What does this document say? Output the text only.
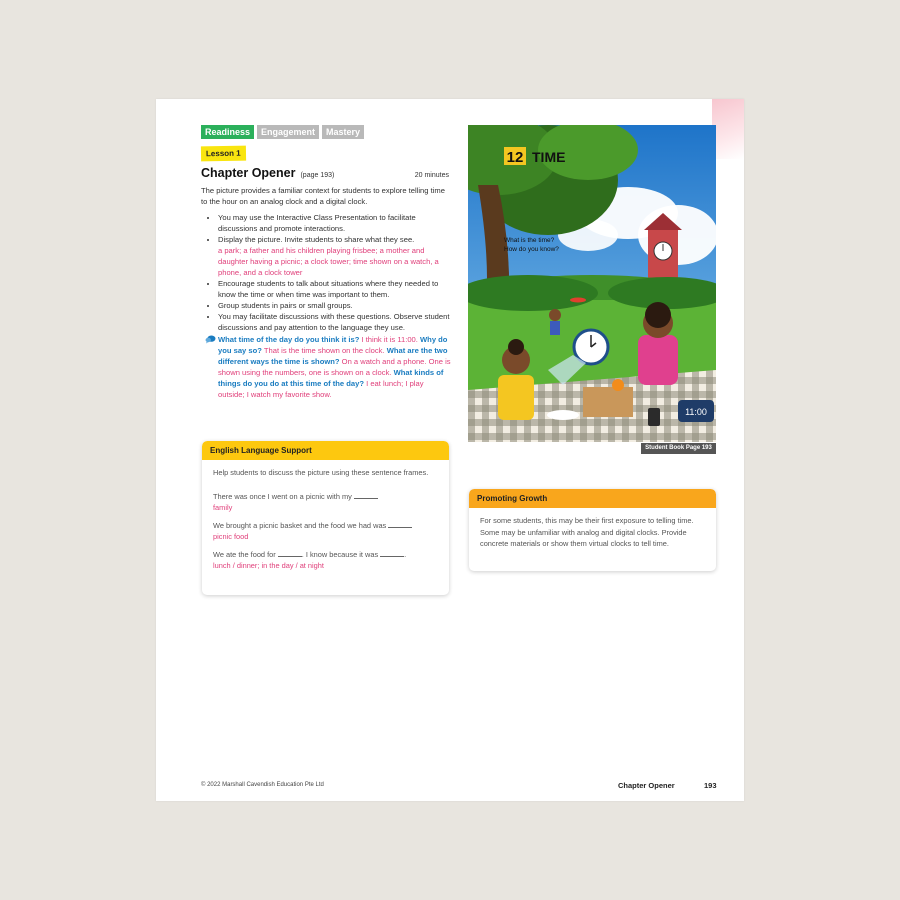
Readiness	Engagement	Mastery
Lesson 1
Chapter Opener (page 193)	20 minutes

The picture provides a familiar context for students to explore telling time to the hour on an analog clock and a digital clock.

• You may use the Interactive Class Presentation to facilitate discussions and promote interactions.
• Display the picture. Invite students to share what they see.
a park; a father and his children playing frisbee; a mother and daughter having a picnic; a clock tower; time shown on a watch, a phone, and a clock tower
• Encourage students to talk about situations where they needed to know the time or when time was important to them.
• Group students in pairs or small groups.
• You may facilitate discussions with these questions. Observe student discussions and pay attention to the language they use.
What time of the day do you think it is? I think it is 11:00. Why do you say so? That is the time shown on the clock. What are the two different ways the time is shown? On a watch and a phone. One is shown using the numbers, one is shown on a clock. What kinds of things do you do at this time of the day? I eat lunch; I play outside; I watch my favorite show.
English Language Support

Help students to discuss the picture using these sentence frames.

There was once I went on a picnic with my
family
We brought a picnic basket and the food we had was
picnic food
We ate the food for	. I know because it was	.
lunch / dinner; in the day / at night
Promoting Growth

For some students, this may be their first exposure to telling time. Some may be unfamiliar with analog and digital clocks. Provide concrete materials or show them virtual clocks to tell time.

11:00
12 TIME
What is the time?
How do you know?
Student Book Page 193
© 2022 Marshall Cavendish Education Pte Ltd	Chapter Opener	193
